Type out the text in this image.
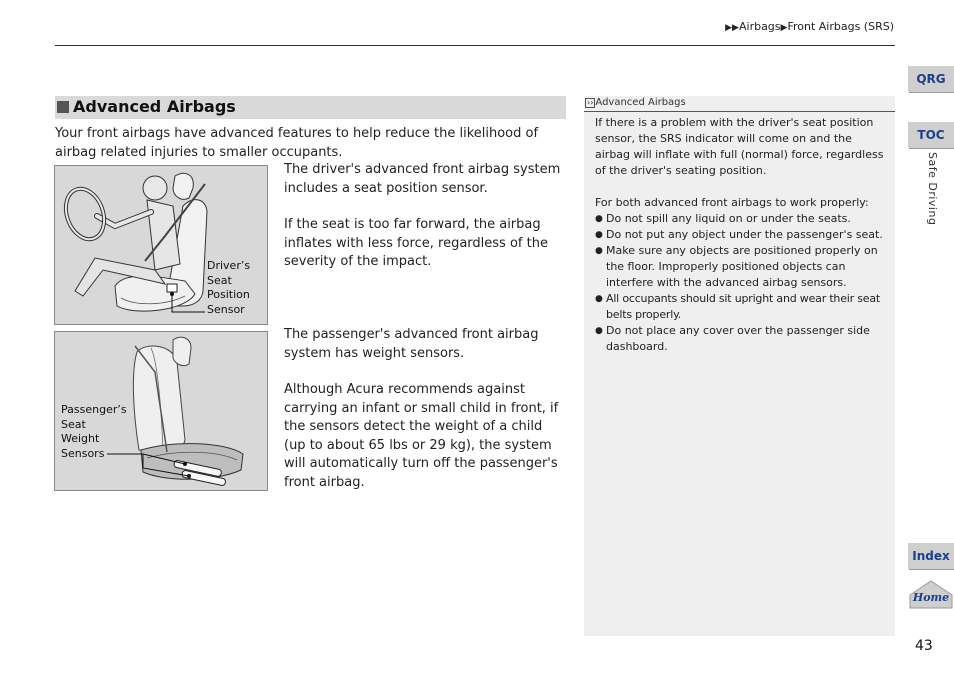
▶▶Airbags▶Front Airbags (SRS)
Advanced Airbags
Your front airbags have advanced features to help reduce the likelihood of airbag related injuries to smaller occupants.
Driver’s
Seat
Position
Sensor
Passenger’s
Seat
Weight
Sensors
The driver's advanced front airbag system includes a seat position sensor.
If the seat is too far forward, the airbag inflates with less force, regardless of the severity of the impact.
The passenger's advanced front airbag system has weight sensors.
Although Acura recommends against carrying an infant or small child in front, if the sensors detect the weight of a child (up to about 65 lbs or 29 kg), the system will automatically turn off the passenger's front airbag.
›› Advanced Airbags

If there is a problem with the driver's seat position sensor, the SRS indicator will come on and the airbag will inflate with full (normal) force, regardless of the driver's seating position.

For both advanced front airbags to work properly:

● Do not spill any liquid on or under the seats.
● Do not put any object under the passenger's seat.
● Make sure any objects are positioned properly on the floor. Improperly positioned objects can interfere with the advanced airbag sensors.
● All occupants should sit upright and wear their seat belts properly.
● Do not place any cover over the passenger side dashboard.
QRG
TOC
Safe Driving
Index
Home
43
